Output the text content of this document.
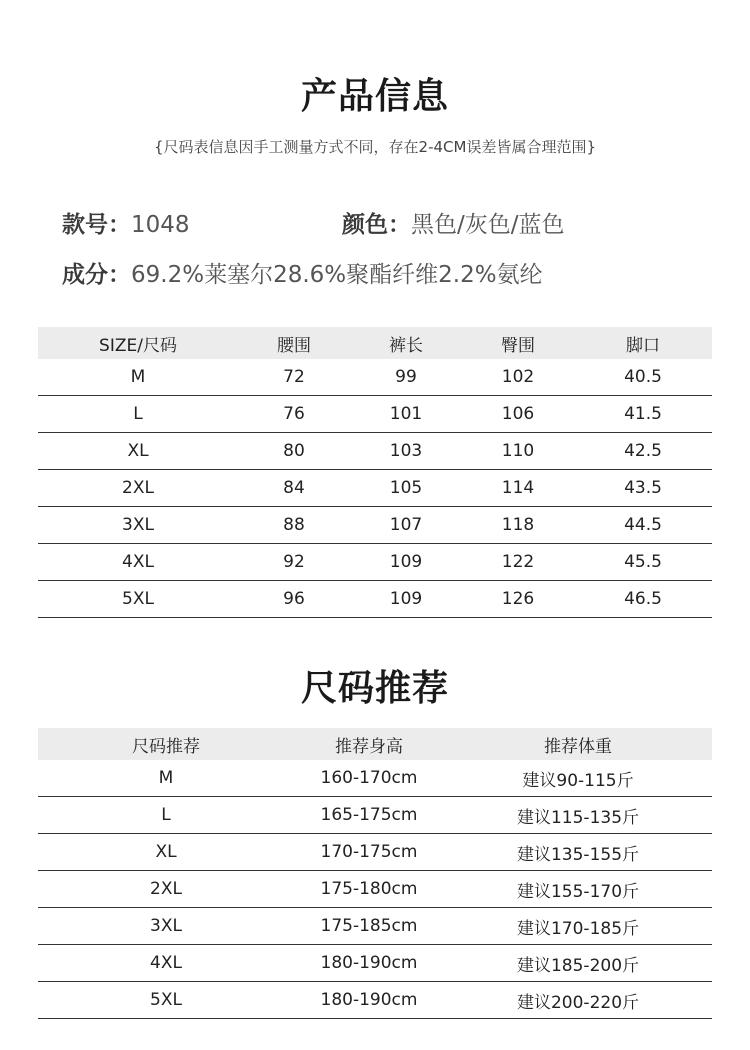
产品信息
{尺码表信息因手工测量方式不同，存在2-4CM误差皆属合理范围}
款号：1048	颜色：黑色/灰色/蓝色
成分：69.2%莱塞尔28.6%聚酯纤维2.2%氨纶
SIZE/尺码	腰围	裤长	臀围	脚口
M	72	99	102	40.5
L	76	101	106	41.5
XL	80	103	110	42.5
2XL	84	105	114	43.5
3XL	88	107	118	44.5
4XL	92	109	122	45.5
5XL	96	109	126	46.5
尺码推荐
尺码推荐	推荐身高	推荐体重
M	160-170cm	建议90-115斤
L	165-175cm	建议115-135斤
XL	170-175cm	建议135-155斤
2XL	175-180cm	建议155-170斤
3XL	175-185cm	建议170-185斤
4XL	180-190cm	建议185-200斤
5XL	180-190cm	建议200-220斤
